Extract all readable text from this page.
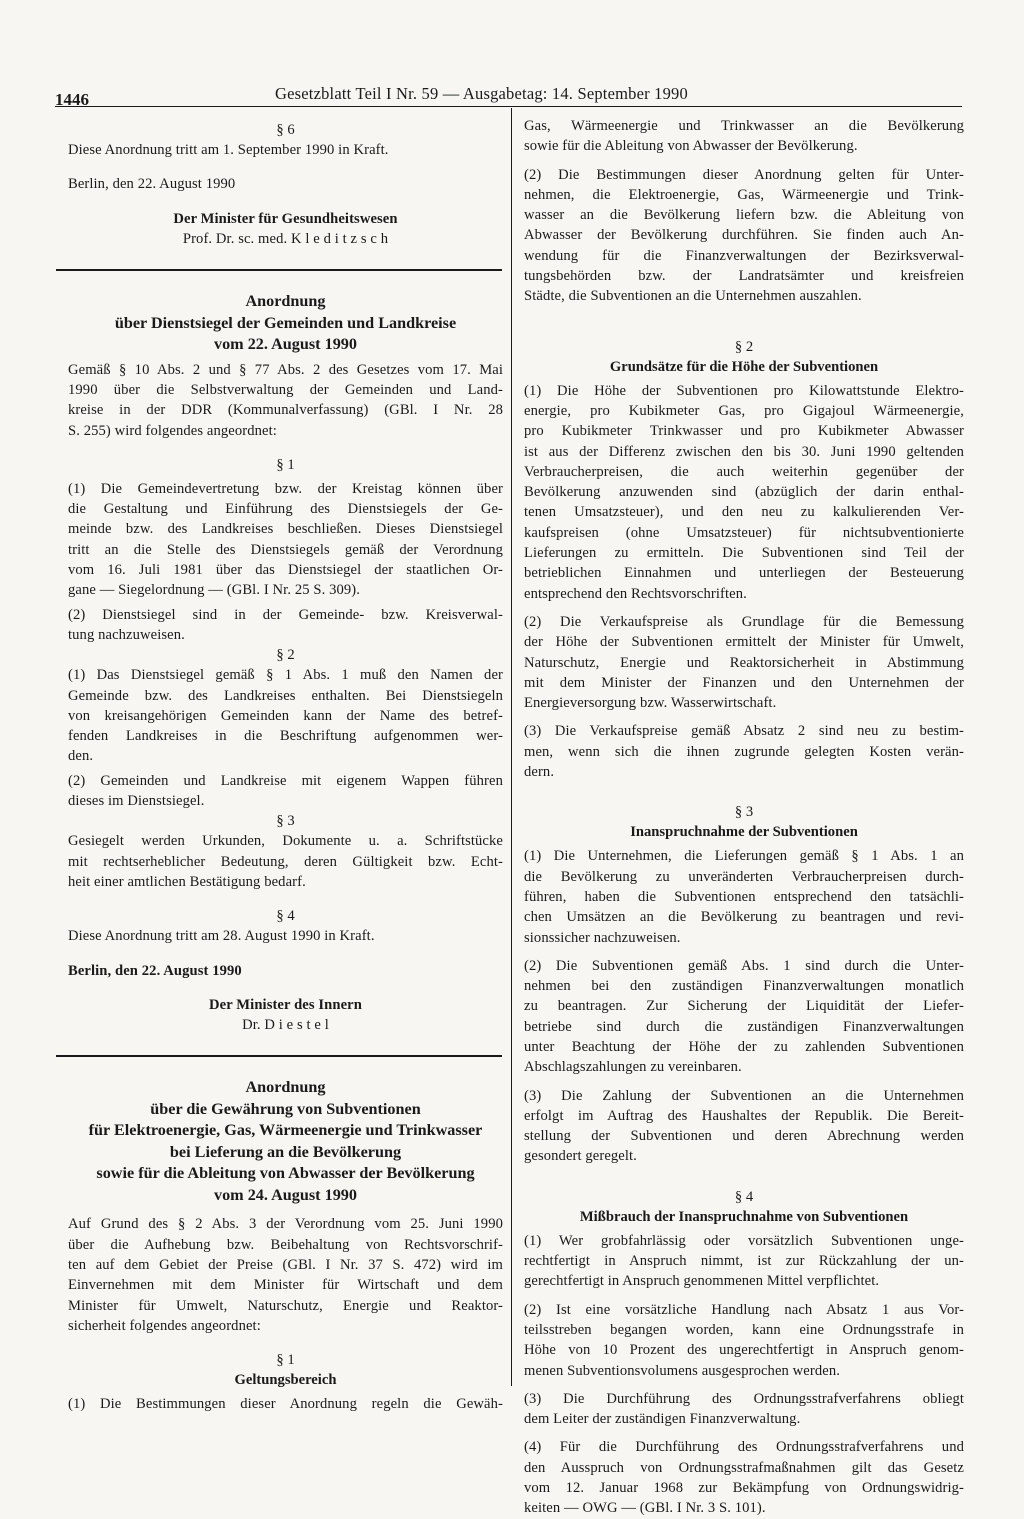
1446	Gesetzblatt Teil I Nr. 59 — Ausgabetag: 14. September 1990
§ 6
Diese Anordnung tritt am 1. September 1990 in Kraft.
Berlin, den 22. August 1990
Der Minister für Gesundheitswesen
Prof. Dr. sc. med. K l e d i t z s c h
Anordnung
über Dienstsiegel der Gemeinden und Landkreise
vom 22. August 1990
Gemäß § 10 Abs. 2 und § 77 Abs. 2 des Gesetzes vom 17. Mai
1990 über die Selbstverwaltung der Gemeinden und Land-
kreise in der DDR (Kommunalverfassung) (GBl. I Nr. 28
S. 255) wird folgendes angeordnet:
§ 1
(1) Die Gemeindevertretung bzw. der Kreistag können über
die Gestaltung und Einführung des Dienstsiegels der Ge-
meinde bzw. des Landkreises beschließen. Dieses Dienstsiegel
tritt an die Stelle des Dienstsiegels gemäß der Verordnung
vom 16. Juli 1981 über das Dienstsiegel der staatlichen Or-
gane — Siegelordnung — (GBl. I Nr. 25 S. 309).
(2) Dienstsiegel sind in der Gemeinde- bzw. Kreisverwal-
tung nachzuweisen.
§ 2
(1) Das Dienstsiegel gemäß § 1 Abs. 1 muß den Namen der
Gemeinde bzw. des Landkreises enthalten. Bei Dienstsiegeln
von kreisangehörigen Gemeinden kann der Name des betref-
fenden Landkreises in die Beschriftung aufgenommen wer-
den.
(2) Gemeinden und Landkreise mit eigenem Wappen führen
dieses im Dienstsiegel.
§ 3
Gesiegelt werden Urkunden, Dokumente u. a. Schriftstücke
mit rechtserheblicher Bedeutung, deren Gültigkeit bzw. Echt-
heit einer amtlichen Bestätigung bedarf.
§ 4
Diese Anordnung tritt am 28. August 1990 in Kraft.
Berlin, den 22. August 1990
Der Minister des Innern
Dr. D i e s t e l
Anordnung
über die Gewährung von Subventionen
für Elektroenergie, Gas, Wärmeenergie und Trinkwasser
bei Lieferung an die Bevölkerung
sowie für die Ableitung von Abwasser der Bevölkerung
vom 24. August 1990
Auf Grund des § 2 Abs. 3 der Verordnung vom 25. Juni 1990
über die Aufhebung bzw. Beibehaltung von Rechtsvorschrif-
ten auf dem Gebiet der Preise (GBl. I Nr. 37 S. 472) wird im
Einvernehmen mit dem Minister für Wirtschaft und dem
Minister für Umwelt, Naturschutz, Energie und Reaktor-
sicherheit folgendes angeordnet:
§ 1
Geltungsbereich
(1) Die Bestimmungen dieser Anordnung regeln die Gewäh-
Gas, Wärmeenergie und Trinkwasser an die Bevölkerung
sowie für die Ableitung von Abwasser der Bevölkerung.
(2) Die Bestimmungen dieser Anordnung gelten für Unter-
nehmen, die Elektroenergie, Gas, Wärmeenergie und Trink-
wasser an die Bevölkerung liefern bzw. die Ableitung von
Abwasser der Bevölkerung durchführen. Sie finden auch An-
wendung für die Finanzverwaltungen der Bezirksverwal-
tungsbehörden bzw. der Landratsämter und kreisfreien
Städte, die Subventionen an die Unternehmen auszahlen.
§ 2
Grundsätze für die Höhe der Subventionen
(1) Die Höhe der Subventionen pro Kilowattstunde Elektro-
energie, pro Kubikmeter Gas, pro Gigajoul Wärmeenergie,
pro Kubikmeter Trinkwasser und pro Kubikmeter Abwasser
ist aus der Differenz zwischen den bis 30. Juni 1990 geltenden
Verbraucherpreisen, die auch weiterhin gegenüber der
Bevölkerung anzuwenden sind (abzüglich der darin enthal-
tenen Umsatzsteuer), und den neu zu kalkulierenden Ver-
kaufspreisen (ohne Umsatzsteuer) für nichtsubventionierte
Lieferungen zu ermitteln. Die Subventionen sind Teil der
betrieblichen Einnahmen und unterliegen der Besteuerung
entsprechend den Rechtsvorschriften.
(2) Die Verkaufspreise als Grundlage für die Bemessung
der Höhe der Subventionen ermittelt der Minister für Umwelt,
Naturschutz, Energie und Reaktorsicherheit in Abstimmung
mit dem Minister der Finanzen und den Unternehmen der
Energieversorgung bzw. Wasserwirtschaft.
(3) Die Verkaufspreise gemäß Absatz 2 sind neu zu bestim-
men, wenn sich die ihnen zugrunde gelegten Kosten verän-
dern.
§ 3
Inanspruchnahme der Subventionen
(1) Die Unternehmen, die Lieferungen gemäß § 1 Abs. 1 an
die Bevölkerung zu unveränderten Verbraucherpreisen durch-
führen, haben die Subventionen entsprechend den tatsächli-
chen Umsätzen an die Bevölkerung zu beantragen und revi-
sionssicher nachzuweisen.
(2) Die Subventionen gemäß Abs. 1 sind durch die Unter-
nehmen bei den zuständigen Finanzverwaltungen monatlich
zu beantragen. Zur Sicherung der Liquidität der Liefer-
betriebe sind durch die zuständigen Finanzverwaltungen
unter Beachtung der Höhe der zu zahlenden Subventionen
Abschlagszahlungen zu vereinbaren.
(3) Die Zahlung der Subventionen an die Unternehmen
erfolgt im Auftrag des Haushaltes der Republik. Die Bereit-
stellung der Subventionen und deren Abrechnung werden
gesondert geregelt.
§ 4
Mißbrauch der Inanspruchnahme von Subventionen
(1) Wer grobfahrlässig oder vorsätzlich Subventionen unge-
rechtfertigt in Anspruch nimmt, ist zur Rückzahlung der un-
gerechtfertigt in Anspruch genommenen Mittel verpflichtet.
(2) Ist eine vorsätzliche Handlung nach Absatz 1 aus Vor-
teilsstreben begangen worden, kann eine Ordnungsstrafe in
Höhe von 10 Prozent des ungerechtfertigt in Anspruch genom-
menen Subventionsvolumens ausgesprochen werden.
(3) Die Durchführung des Ordnungsstrafverfahrens obliegt
dem Leiter der zuständigen Finanzverwaltung.
(4) Für die Durchführung des Ordnungsstrafverfahrens und
den Ausspruch von Ordnungsstrafmaßnahmen gilt das Gesetz
vom 12. Januar 1968 zur Bekämpfung von Ordnungswidrig-
keiten — OWG — (GBl. I Nr. 3 S. 101).
